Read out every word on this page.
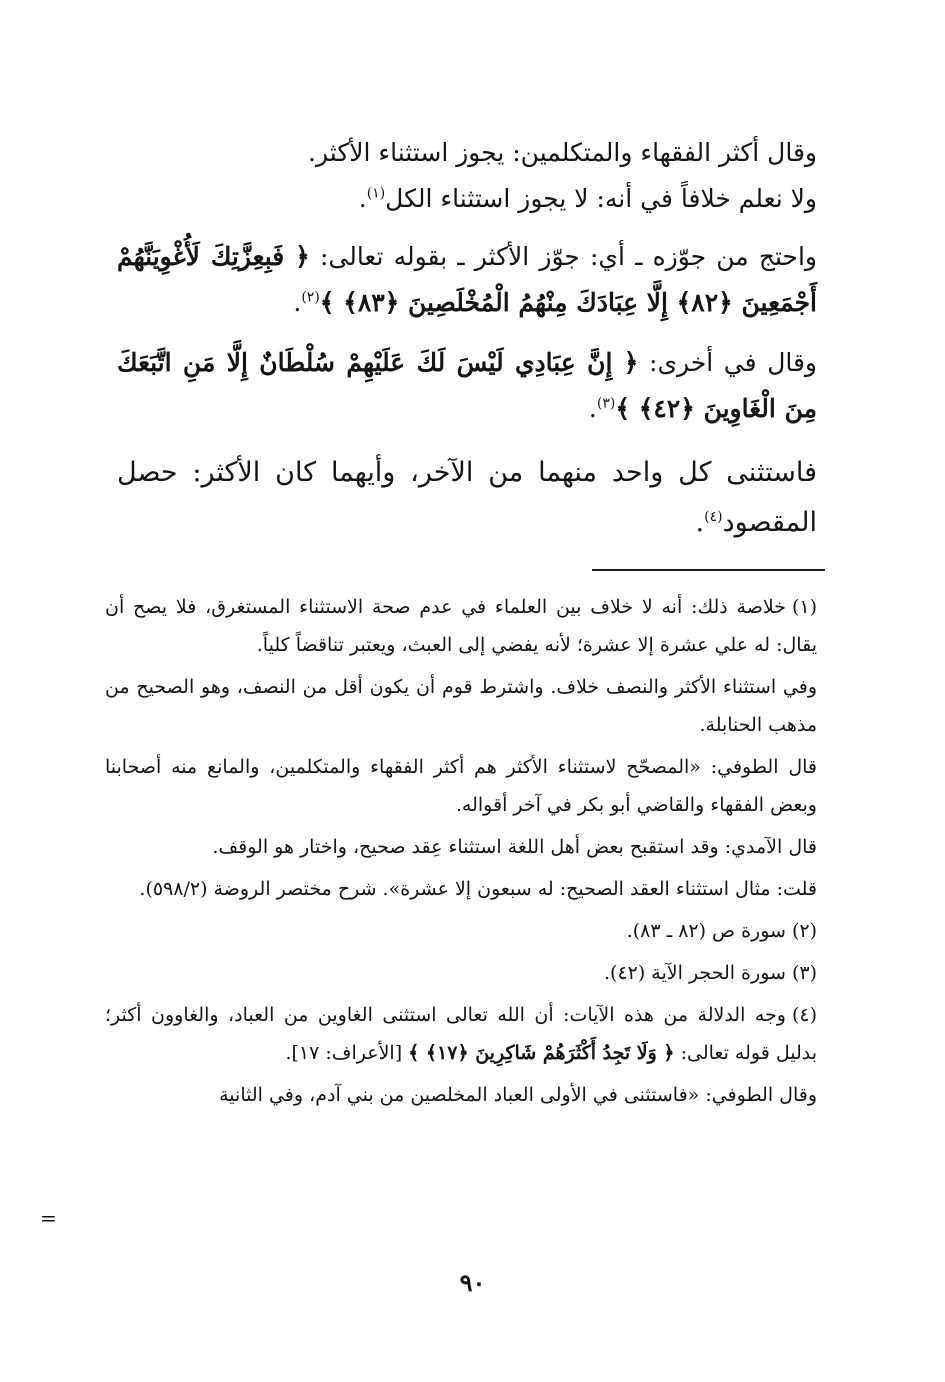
وقال أكثر الفقهاء والمتكلمين: يجوز استثناء الأكثر.

ولا نعلم خلافاً في أنه: لا يجوز استثناء الكل$^{(١)}$.

واحتج من جوّزه ـ أي: جوّز الأكثر ـ بقوله تعالى: ﴿ فَبِعِزَّتِكَ لَأُغْوِيَنَّهُمْ أَجْمَعِينَ ﴿٨٢﴾ إِلَّا عِبَادَكَ مِنْهُمُ الْمُخْلَصِينَ ﴿٨٣﴾ ﴾$^{(٢)}$.

وقال في أخرى: ﴿ إِنَّ عِبَادِي لَيْسَ لَكَ عَلَيْهِمْ سُلْطَانٌ إِلَّا مَنِ اتَّبَعَكَ مِنَ الْغَاوِينَ ﴿٤٢﴾ ﴾$^{(٣)}$.

فاستثنى كل واحد منهما من الآخر، وأيهما كان الأكثر: حصل المقصود$^{(٤)}$.

(١)خلاصة ذلك: أنه لا خلاف بين العلماء في عدم صحة الاستثناء المستغرق، فلا يصح أن يقال: له علي عشرة إلا عشرة؛ لأنه يفضي إلى العبث، ويعتبر تناقضاً كلياً.

وفي استثناء الأكثر والنصف خلاف. واشترط قوم أن يكون أقل من النصف، وهو الصحيح من مذهب الحنابلة.

قال الطوفي: «المصحّح لاستثناء الأكثر هم أكثر الفقهاء والمتكلمين، والمانع منه أصحابنا وبعض الفقهاء والقاضي أبو بكر في آخر أقواله.

قال الآمدي: وقد استقبح بعض أهل اللغة استثناء عِقد صحيح، واختار هو الوقف.

قلت: مثال استثناء العقد الصحيح: له سبعون إلا عشرة». شرح مختصر الروضة (٥٩٨/٢).

(٢)سورة ص (٨٢ ـ ٨٣).

(٣)سورة الحجر الآية (٤٢).

(٤)وجه الدلالة من هذه الآيات: أن الله تعالى استثنى الغاوين من العباد، والغاوون أكثر؛ بدليل قوله تعالى: ﴿ وَلَا تَجِدُ أَكْثَرَهُمْ شَاكِرِينَ ﴿١٧﴾ ﴾ [الأعراف: ١٧].

وقال الطوفي: «فاستثنى في الأولى العباد المخلصين من بني آدم، وفي الثانية

=
٩٠
